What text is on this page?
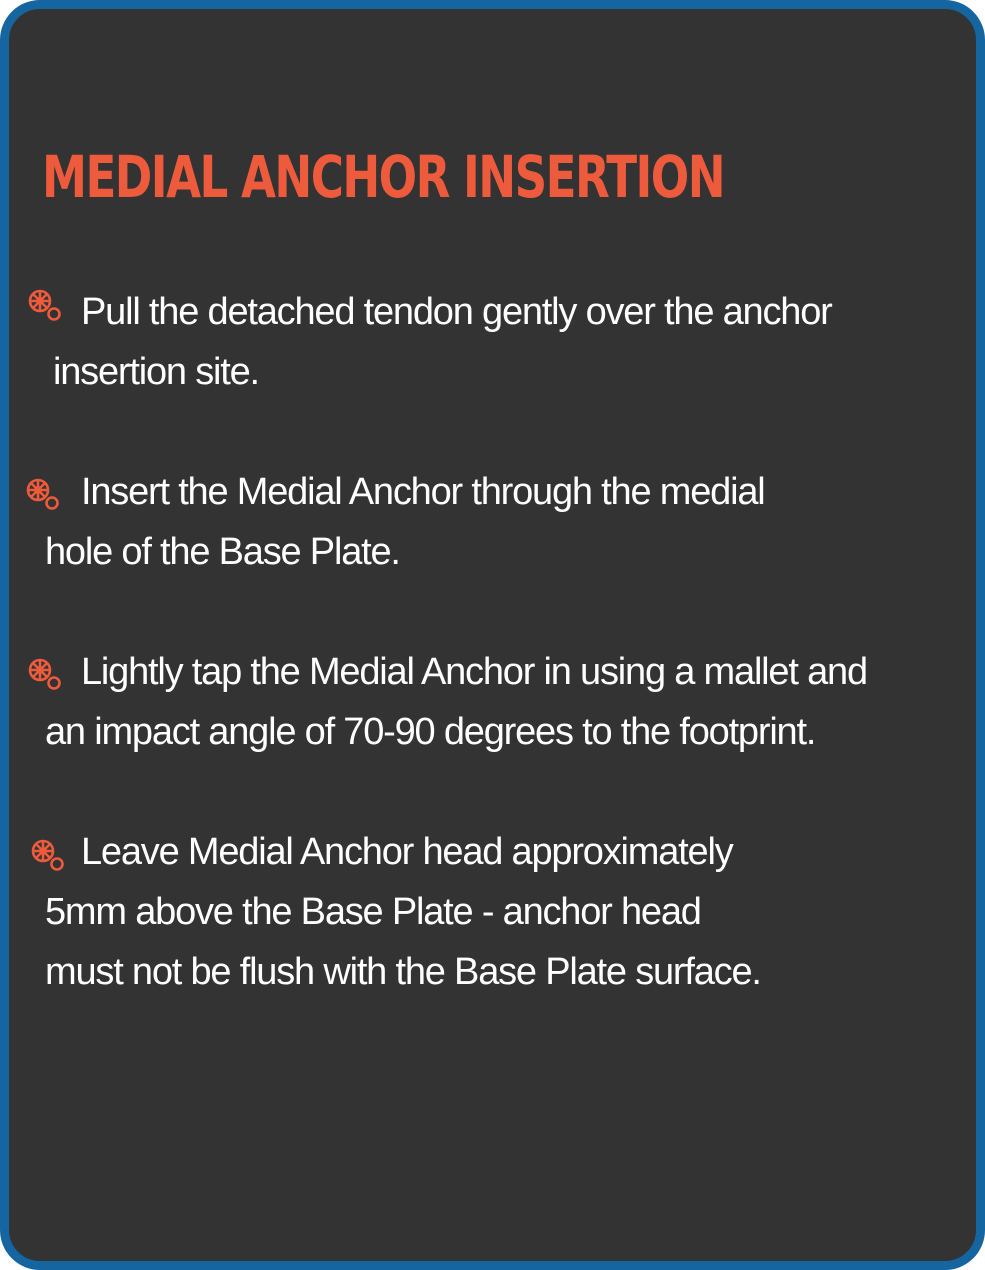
MEDIAL ANCHOR INSERTION

Pull the detached tendon gently over the anchor
insertion site.

Insert the Medial Anchor through the medial
hole of the Base Plate.

Lightly tap the Medial Anchor in using a mallet and
an impact angle of 70-90 degrees to the footprint.

Leave Medial Anchor head approximately
5mm above the Base Plate - anchor head
must not be flush with the Base Plate surface.
